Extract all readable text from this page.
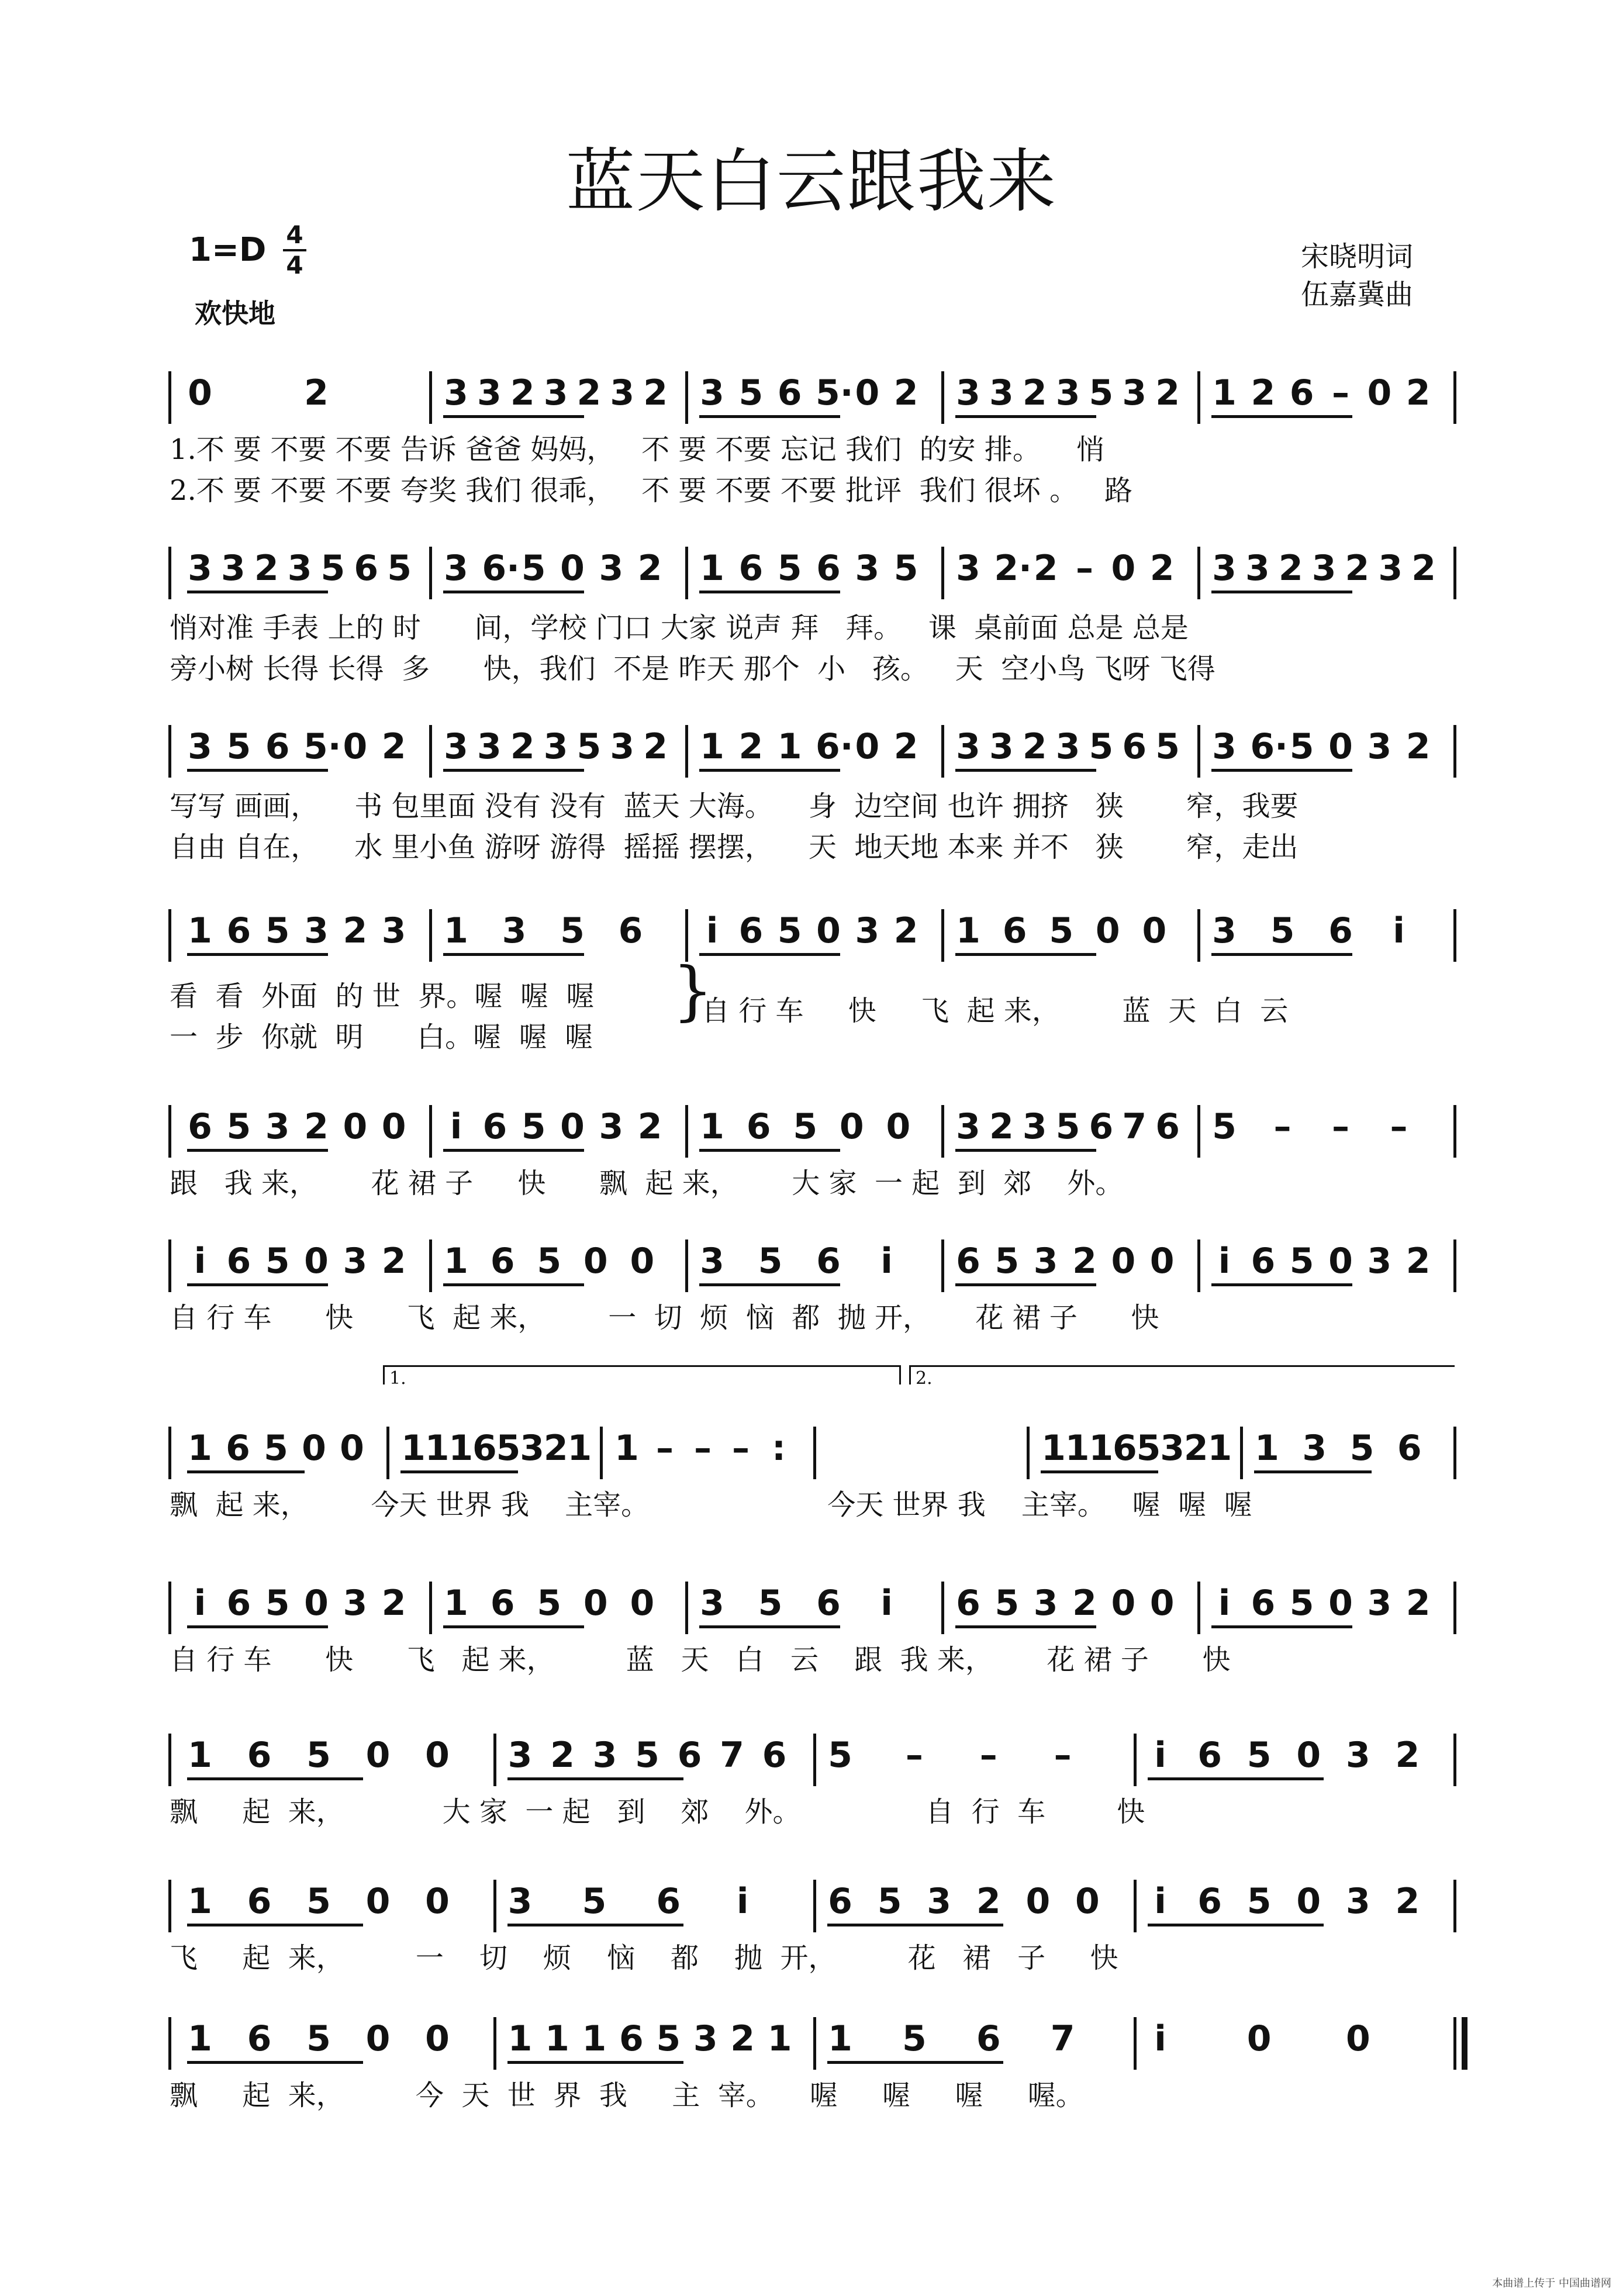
蓝天白云跟我来
1=D 4
4
欢快地
宋晓明词
伍嘉冀曲
0	2	3 3 2 3 2 3 2 3 5 6 5· 0 2 3 3 2 3 5 3 2 1 2 6 – 0 2
1.不 要 不要 不要 告诉 爸爸 妈妈，   不 要 不要 忘记 我们  的安 排。    悄
2.不 要 不要 不要 夸奖 我们 很乖，   不 要 不要 不要 批评  我们 很坏 。   路
3 3 2 3 5 6 5 3 6· 5 0 3 2 1 6 5 6 3 5 3 2· 2 – 0 2 3 3 2 3 2 3 2
悄对准 手表 上的 时      间，学校 门口 大家 说声 拜   拜。   课  桌前面 总是 总是
旁小树 长得 长得  多      快，我们  不是 昨天 那个  小   孩。   天  空小鸟 飞呀 飞得
3 5 6 5· 0 2 3 3 2 3 5 3 2 1 2 1 6· 0 2 3 3 2 3 5 6 5 3 6· 5 0 3 2
写写 画画，    书 包里面 没有 没有  蓝天 大海。    身  边空间 也许 拥挤   狭       窄，我要
自由 自在，    水 里小鱼 游呀 游得  摇摇 摆摆，    天  地天地 本来 并不   狭       窄，走出
1 6 5 3 2 3 1 3 5 6 i 6 5 0 3 2 1 6 5 0 0 3 5 6 i
看  看  外面  的 世  界。喔  喔  喔
一  步  你就  明      白。喔  喔  喔
}
自 行 车     快     飞  起 来，       蓝  天  白  云
6 5 3 2 0 0 i 6 5 0 3 2 1 6 5 0 0 3 2 3 5 6 7 6 5 – – –
跟   我 来，      花 裙 子     快      飘  起 来，      大 家  一 起  到  郊    外。
i 6 5 0 3 2 1 6 5 0 0 3 5 6 i 6 5 3 2 0 0 i 6 5 0 3 2
自 行 车      快      飞  起 来，       一  切  烦  恼  都  抛 开，     花 裙 子      快
1 6 5 0 0 1
1
1
6
5
3
2
1 1 – – – :	1
1
1
6
5
3
2
1 1 3 5 6
飘  起 来，       今天 世界 我    主宰。                    今天 世界 我    主宰。   喔  喔  喔
1.	2.
i 6 5 0 3 2 1 6 5 0 0 3 5 6 i 6 5 3 2 0 0 i 6 5 0 3 2
自 行 车      快      飞   起 来，        蓝   天   白   云    跟  我 来，      花 裙 子      快
1 6 5 0 0 3 2 3 5 6 7 6 5 – – – i 6 5 0 3 2
飘     起  来，           大 家  一 起   到    郊    外。              自  行  车        快
1 6 5 0 0 3 5 6 i 6 5 3 2 0 0 i 6 5 0 3 2
飞     起  来，        一    切    烦    恼    都    抛  开，        花   裙   子     快
1 6 5 0 0 1 1 1 6 5 3 2 1 1 5 6 7 i 0 0
飘     起  来，        今  天  世  界  我     主  宰。    喔     喔     喔     喔。
本曲谱上传于 中国曲谱网
